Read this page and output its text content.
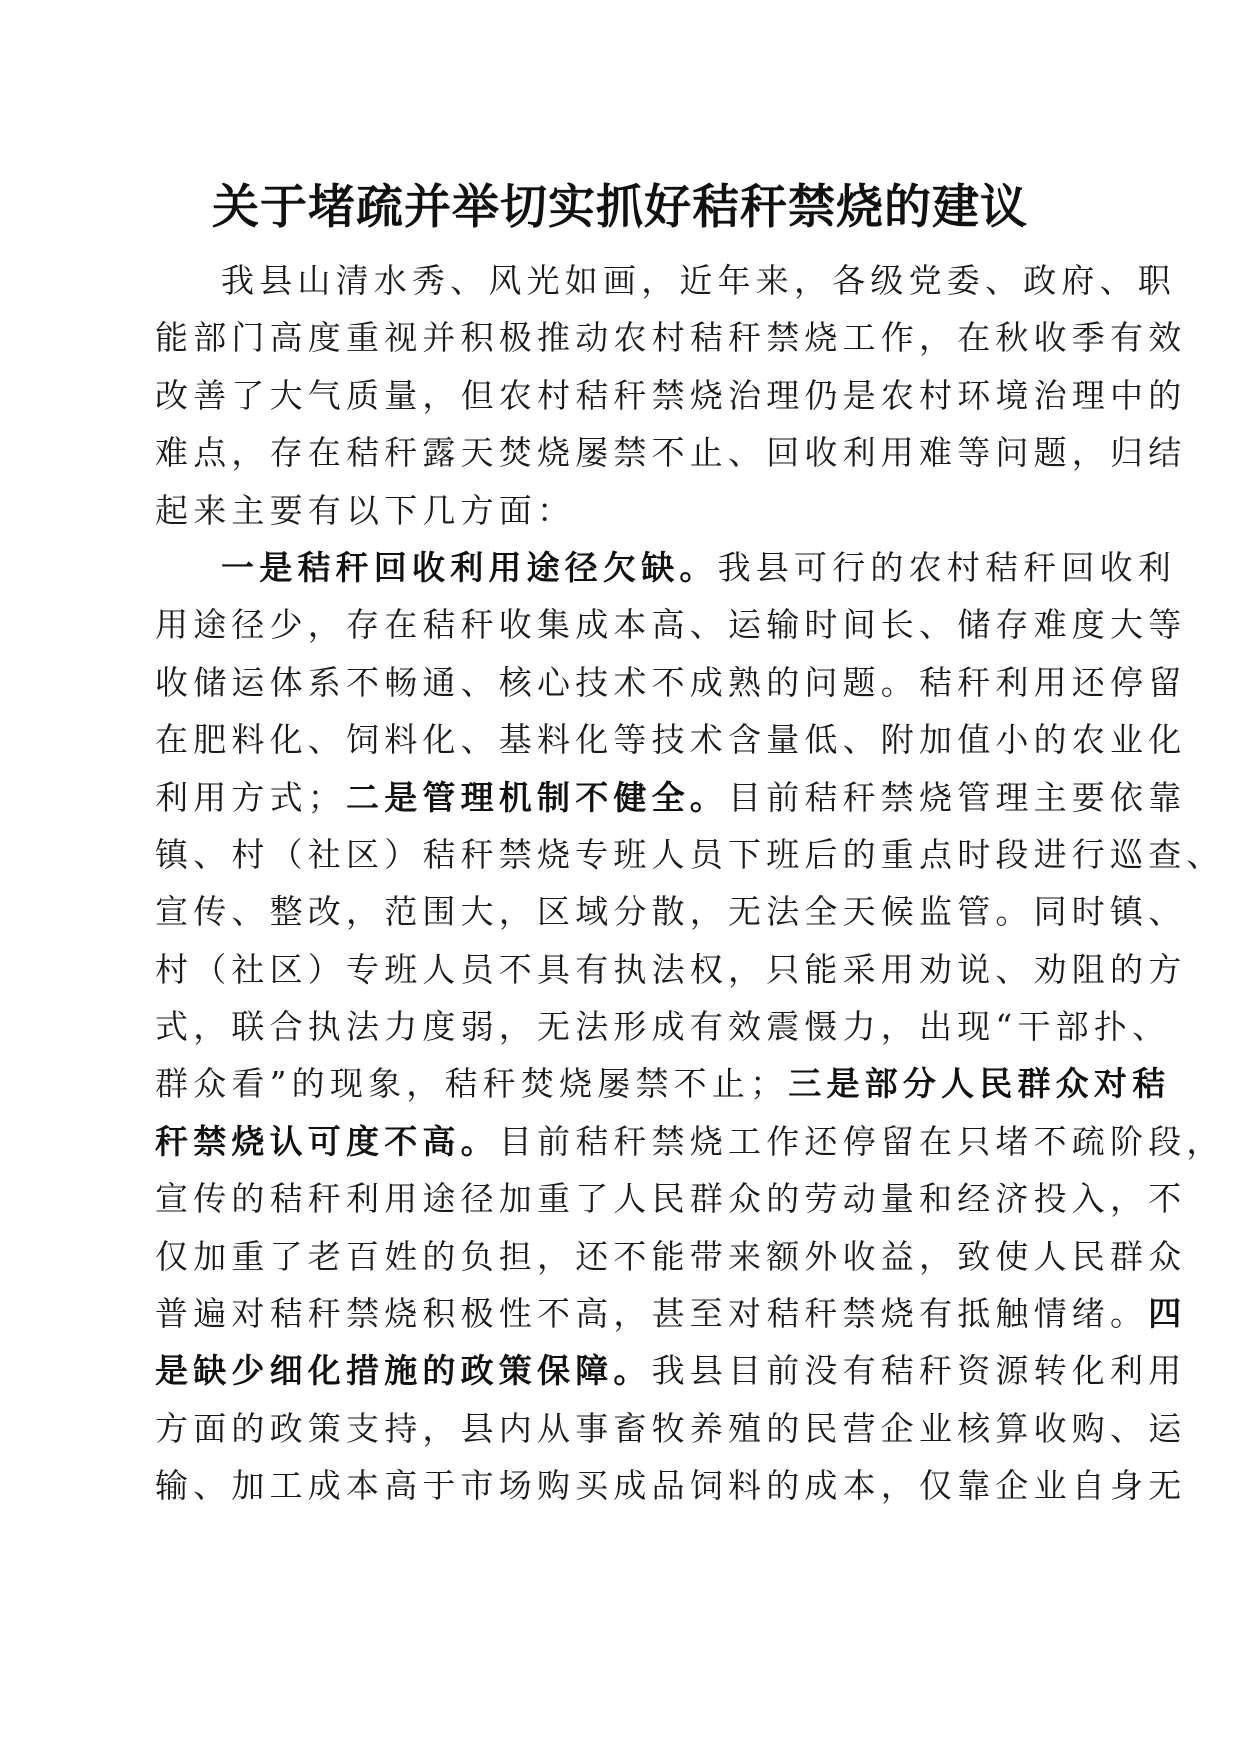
关于堵疏并举切实抓好秸秆禁烧的建议
我县山清水秀、风光如画，近年来，各级党委、政府、职
能部门高度重视并积极推动农村秸秆禁烧工作，在秋收季有效
改善了大气质量，但农村秸秆禁烧治理仍是农村环境治理中的
难点，存在秸秆露天焚烧屡禁不止、回收利用难等问题，归结
起来主要有以下几方面：
一是秸秆回收利用途径欠缺。我县可行的农村秸秆回收利
用途径少，存在秸秆收集成本高、运输时间长、储存难度大等
收储运体系不畅通、核心技术不成熟的问题。秸秆利用还停留
在肥料化、饲料化、基料化等技术含量低、附加值小的农业化
利用方式；二是管理机制不健全。目前秸秆禁烧管理主要依靠
镇、村（社区）秸秆禁烧专班人员下班后的重点时段进行巡查、
宣传、整改，范围大，区域分散，无法全天候监管。同时镇、
村（社区）专班人员不具有执法权，只能采用劝说、劝阻的方
式，联合执法力度弱，无法形成有效震慑力，出现“干部扑、
群众看”的现象，秸秆焚烧屡禁不止；三是部分人民群众对秸
秆禁烧认可度不高。目前秸秆禁烧工作还停留在只堵不疏阶段，
宣传的秸秆利用途径加重了人民群众的劳动量和经济投入，不
仅加重了老百姓的负担，还不能带来额外收益，致使人民群众
普遍对秸秆禁烧积极性不高，甚至对秸秆禁烧有抵触情绪。四
是缺少细化措施的政策保障。我县目前没有秸秆资源转化利用
方面的政策支持，县内从事畜牧养殖的民营企业核算收购、运
输、加工成本高于市场购买成品饲料的成本，仅靠企业自身无
